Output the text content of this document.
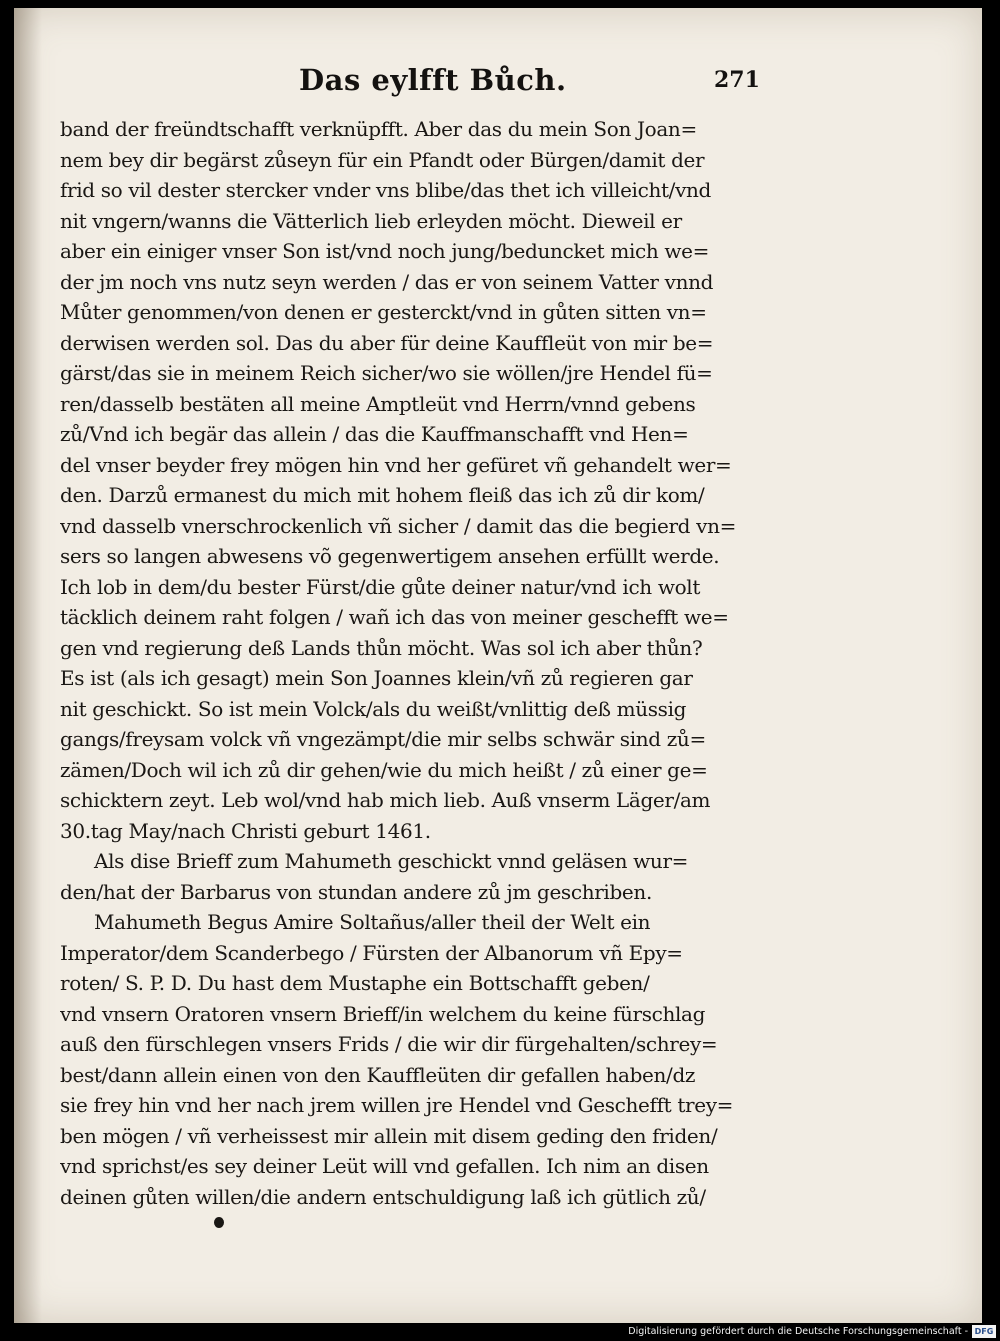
Das eylfft Bůch.	271
band der freündtschafft verknüpfft. Aber das du mein Son Joan=
nem bey dir begärst zůseyn für ein Pfandt oder Bürgen/damit der
frid so vil dester stercker vnder vns blibe/das thet ich villeicht/vnd
nit vngern/wanns die Vätterlich lieb erleyden möcht. Dieweil er
aber ein einiger vnser Son ist/vnd noch jung/beduncket mich we=
der jm noch vns nutz seyn werden / das er von seinem Vatter vnnd
Můter genommen/von denen er gesterckt/vnd in gůten sitten vn=
derwisen werden sol. Das du aber für deine Kauffleüt von mir be=
gärst/das sie in meinem Reich sicher/wo sie wöllen/jre Hendel fü=
ren/dasselb bestäten all meine Amptleüt vnd Herrn/vnnd gebens
zů/Vnd ich begär das allein / das die Kauffmanschafft vnd Hen=
del vnser beyder frey mögen hin vnd her gefüret vñ gehandelt wer=
den. Darzů ermanest du mich mit hohem fleiß das ich zů dir kom/
vnd dasselb vnerschrockenlich vñ sicher / damit das die begierd vn=
sers so langen abwesens võ gegenwertigem ansehen erfüllt werde.
Ich lob in dem/du bester Fürst/die gůte deiner natur/vnd ich wolt
täcklich deinem raht folgen / wañ ich das von meiner geschefft we=
gen vnd regierung deß Lands thůn möcht. Was sol ich aber thůn?
Es ist (als ich gesagt) mein Son Joannes klein/vñ zů regieren gar
nit geschickt. So ist mein Volck/als du weißt/vnlittig deß müssig
gangs/freysam volck vñ vngezämpt/die mir selbs schwär sind zů=
zämen/Doch wil ich zů dir gehen/wie du mich heißt / zů einer ge=
schicktern zeyt. Leb wol/vnd hab mich lieb. Auß vnserm Läger/am
30.tag May/nach Christi geburt 1461.
Als dise Brieff zum Mahumeth geschickt vnnd geläsen wur=
den/hat der Barbarus von stundan andere zů jm geschriben.
Mahumeth Begus Amire Soltañus/aller theil der Welt ein
Imperator/dem Scanderbego / Fürsten der Albanorum vñ Epy=
roten/ S. P. D. Du hast dem Mustaphe ein Bottschafft geben/
vnd vnsern Oratoren vnsern Brieff/in welchem du keine fürschlag
auß den fürschlegen vnsers Frids / die wir dir fürgehalten/schrey=
best/dann allein einen von den Kauffleüten dir gefallen haben/dz
sie frey hin vnd her nach jrem willen jre Hendel vnd Geschefft trey=
ben mögen / vñ verheissest mir allein mit disem geding den friden/
vnd sprichst/es sey deiner Leüt will vnd gefallen. Ich nim an disen
deinen gůten willen/die andern entschuldigung laß ich gütlich zů/
Digitalisierung gefördert durch die Deutsche Forschungsgemeinschaft - DFG
